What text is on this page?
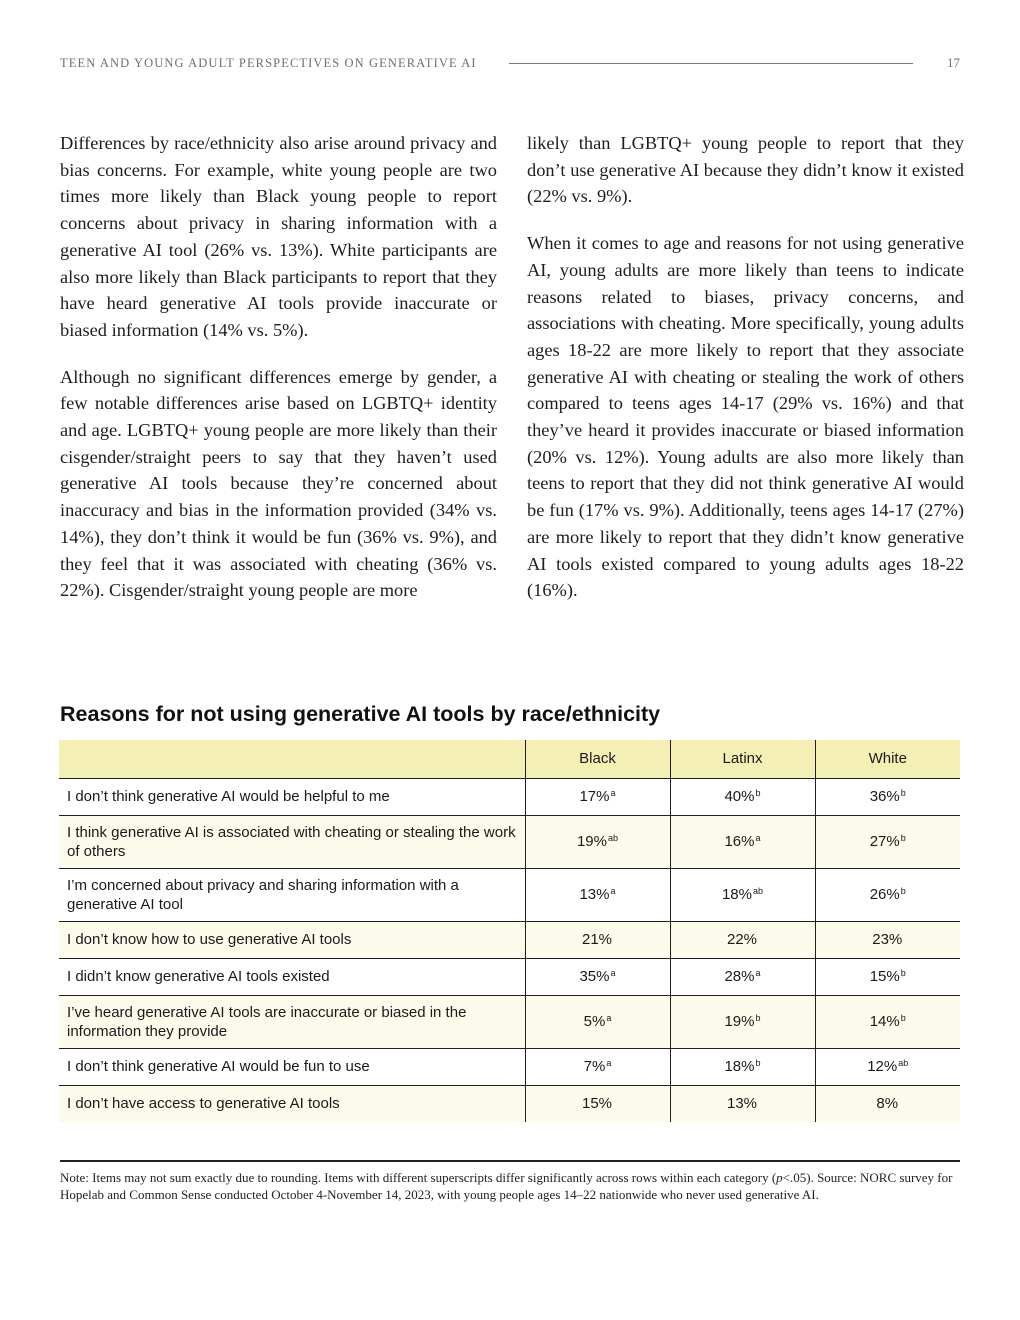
TEEN AND YOUNG ADULT PERSPECTIVES ON GENERATIVE AI	17

Differences by race/ethnicity also arise around privacy and bias concerns. For example, white young people are two times more likely than Black young people to report concerns about privacy in sharing information with a generative AI tool (26% vs. 13%). White participants are also more likely than Black participants to report that they have heard generative AI tools provide inaccurate or biased information (14% vs. 5%).

Although no significant differences emerge by gender, a few notable differences arise based on LGBTQ+ identity and age. LGBTQ+ young people are more likely than their cisgender/straight peers to say that they haven’t used generative AI tools because they’re concerned about inaccuracy and bias in the information provided (34% vs. 14%), they don’t think it would be fun (36% vs. 9%), and they feel that it was associated with cheating (36% vs. 22%). Cisgender/straight young people are more

likely than LGBTQ+ young people to report that they don’t use generative AI because they didn’t know it existed (22% vs. 9%).

When it comes to age and reasons for not using generative AI, young adults are more likely than teens to indicate reasons related to biases, privacy concerns, and associations with cheating. More specifically, young adults ages 18-22 are more likely to report that they associate generative AI with cheating or stealing the work of others compared to teens ages 14-17 (29% vs. 16%) and that they’ve heard it provides inaccurate or biased information (20% vs. 12%). Young adults are also more likely than teens to report that they did not think generative AI would be fun (17% vs. 9%). Additionally, teens ages 14-17 (27%) are more likely to report that they didn’t know generative AI tools existed compared to young adults ages 18-22 (16%).

Reasons for not using generative AI tools by race/ethnicity
	Black	Latinx	White
I don’t think generative AI would be helpful to me	17%$^a$	40%$^b$	36%$^b$
I think generative AI is associated with cheating or stealing the work of others	19%$^{ab}$	16%$^a$	27%$^b$
I’m concerned about privacy and sharing information with a generative AI tool	13%$^a$	18%$^{ab}$	26%$^b$
I don’t know how to use generative AI tools	21%	22%	23%
I didn’t know generative AI tools existed	35%$^a$	28%$^a$	15%$^b$
I’ve heard generative AI tools are inaccurate or biased in the information they provide	5%$^a$	19%$^b$	14%$^b$
I don’t think generative AI would be fun to use	7%$^a$	18%$^b$	12%$^{ab}$
I don’t have access to generative AI tools	15%	13%	8%
Note: Items may not sum exactly due to rounding. Items with different superscripts differ significantly across rows within each category (p<.05). Source: NORC survey for Hopelab and Common Sense conducted October 4-November 14, 2023, with young people ages 14–22 nationwide who never used generative AI.
